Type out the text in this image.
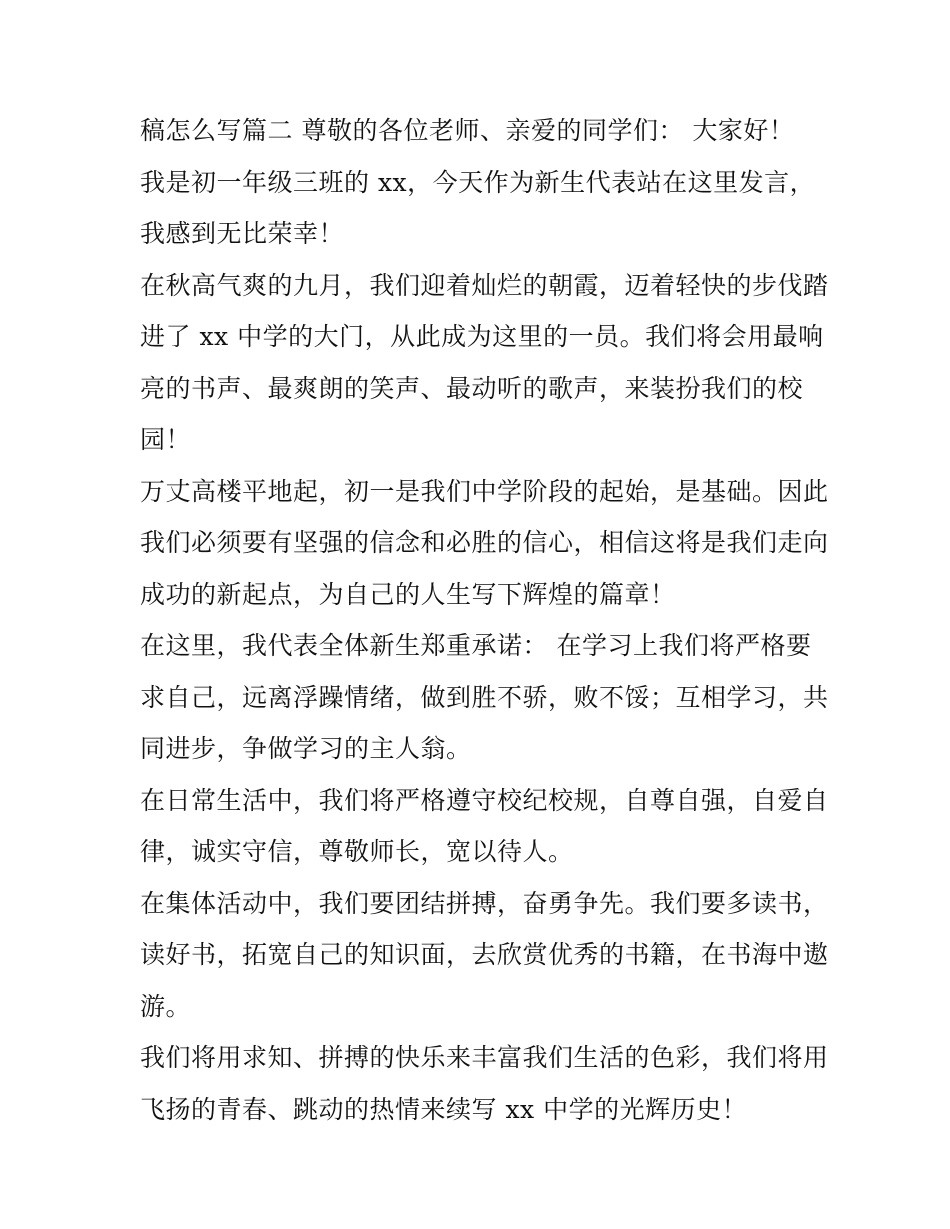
稿怎么写篇二 尊敬的各位老师、亲爱的同学们： 大家好！
我是初一年级三班的 xx，今天作为新生代表站在这里发言，
我感到无比荣幸！
在秋高气爽的九月，我们迎着灿烂的朝霞，迈着轻快的步伐踏
进了 xx 中学的大门，从此成为这里的一员。我们将会用最响
亮的书声、最爽朗的笑声、最动听的歌声，来装扮我们的校
园！
万丈高楼平地起，初一是我们中学阶段的起始，是基础。因此
我们必须要有坚强的信念和必胜的信心，相信这将是我们走向
成功的新起点，为自己的人生写下辉煌的篇章！
在这里，我代表全体新生郑重承诺： 在学习上我们将严格要
求自己，远离浮躁情绪，做到胜不骄，败不馁；互相学习，共
同进步，争做学习的主人翁。
在日常生活中，我们将严格遵守校纪校规，自尊自强，自爱自
律，诚实守信，尊敬师长，宽以待人。
在集体活动中，我们要团结拼搏，奋勇争先。我们要多读书，
读好书，拓宽自己的知识面，去欣赏优秀的书籍，在书海中遨
游。
我们将用求知、拼搏的快乐来丰富我们生活的色彩，我们将用
飞扬的青春、跳动的热情来续写 xx 中学的光辉历史！
